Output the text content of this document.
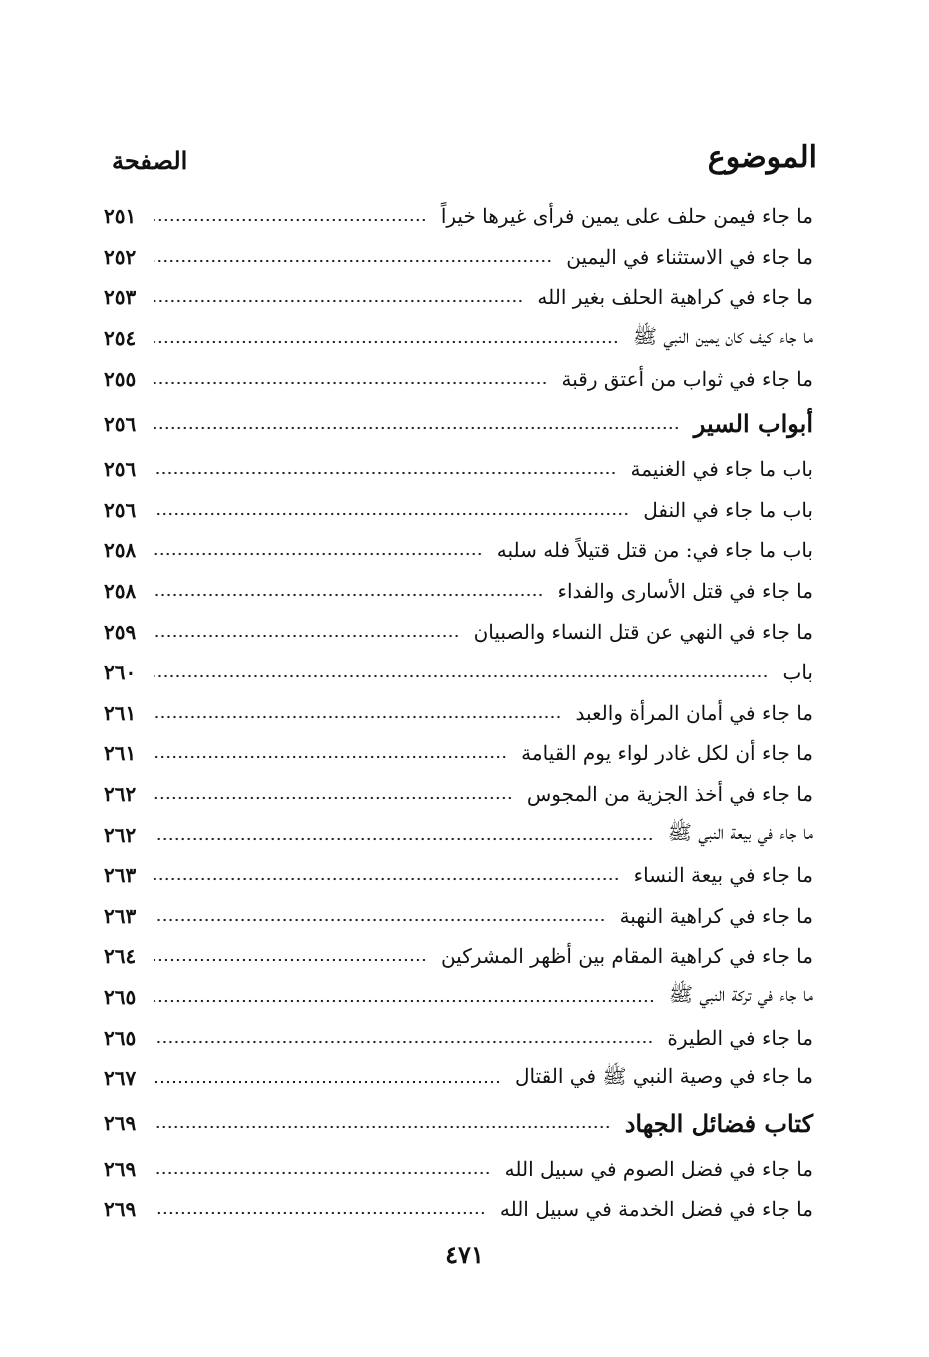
الموضوع
الصفحة
ما جاء فيمن حلف على يمين فرأى غيرها خيراً
٢٥١
ما جاء في الاستثناء في اليمين
٢٥٢
ما جاء في كراهية الحلف بغير الله
٢٥٣
ما جاء كيف كان يمين النبي ﷺ
٢٥٤
ما جاء في ثواب من أعتق رقبة
٢٥٥
أبواب السير
٢٥٦
باب ما جاء في الغنيمة
٢٥٦
باب ما جاء في النفل
٢٥٦
باب ما جاء في: من قتل قتيلاً فله سلبه
٢٥٨
ما جاء في قتل الأسارى والفداء
٢٥٨
ما جاء في النهي عن قتل النساء والصبيان
٢٥٩
باب
٢٦٠
ما جاء في أمان المرأة والعبد
٢٦١
ما جاء أن لكل غادر لواء يوم القيامة
٢٦١
ما جاء في أخذ الجزية من المجوس
٢٦٢
ما جاء في بيعة النبي ﷺ
٢٦٢
ما جاء في بيعة النساء
٢٦٣
ما جاء في كراهية النهبة
٢٦٣
ما جاء في كراهية المقام بين أظهر المشركين
٢٦٤
ما جاء في تركة النبي ﷺ
٢٦٥
ما جاء في الطيرة
٢٦٥
ما جاء في وصية النبي ﷺ في القتال
٢٦٧
كتاب فضائل الجهاد
٢٦٩
ما جاء في فضل الصوم في سبيل الله
٢٦٩
ما جاء في فضل الخدمة في سبيل الله
٢٦٩
٤٧١
